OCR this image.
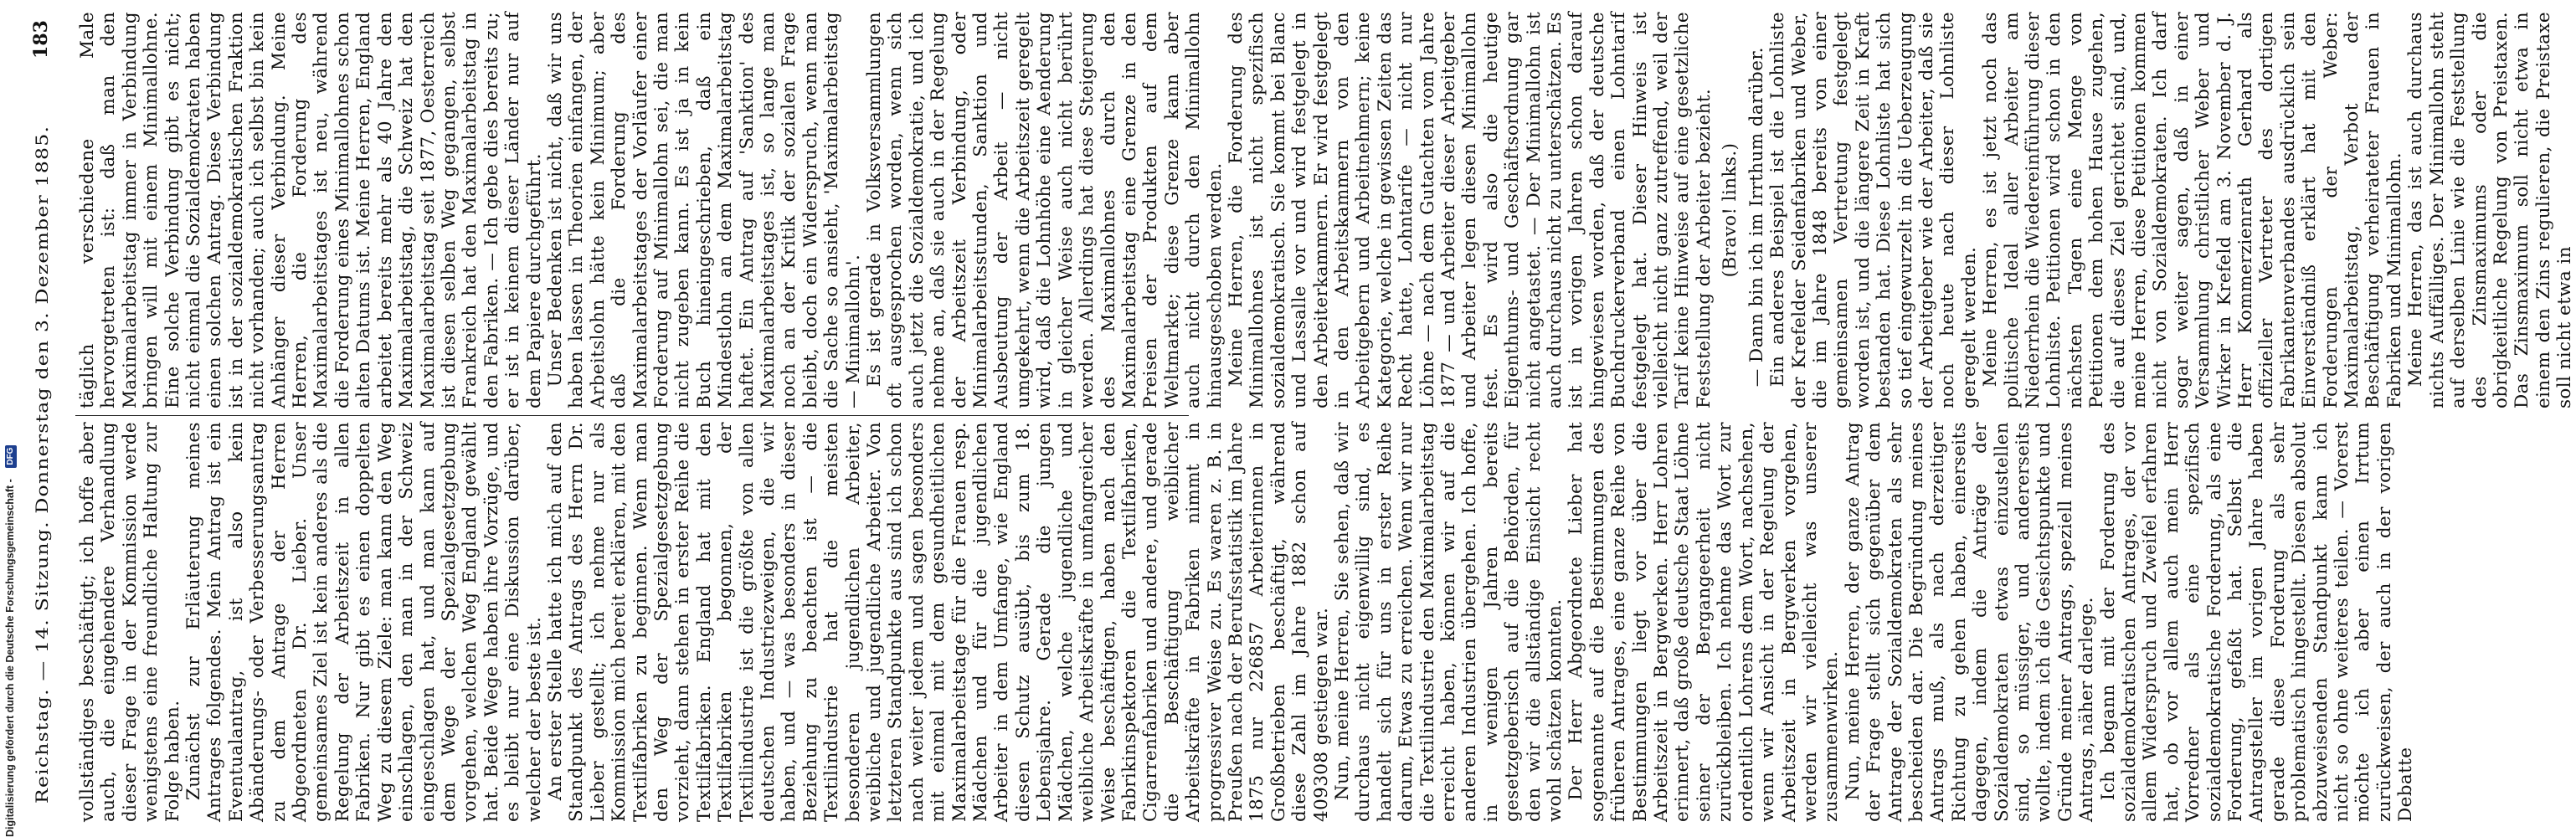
Digitalisierung gefördert durch die Deutsche Forschungsgemeinschaft - DFG Reichstag. — 14. Sitzung. Donnerstag den 3. Dezember 1885.
183

vollständiges beschäftigt; ich hoffe aber auch, die eingehendere Verhandlung dieser Frage in der Kommission werde wenigstens eine freundliche Haltung zur Folge haben. Zunächst zur Erläuterung meines Antrages folgendes. Mein Antrag ist ein Eventualantrag, ist also kein Abänderungs- oder Verbesserungsantrag zu dem Antrage der Herren Abgeordneten Dr. Lieber. Unser gemeinsames Ziel ist kein anderes als die Regelung der Arbeitszeit in allen Fabriken. Nur gibt es einen doppelten Weg zu diesem Ziele: man kann den Weg einschlagen, den man in der Schweiz eingeschlagen hat, und man kann auf dem Wege der Spezialgesetzgebung vorgehen, welchen Weg England gewählt hat. Beide Wege haben ihre Vorzüge, und es bleibt nur eine Diskussion darüber, welcher der beste ist. An erster Stelle hatte ich mich auf den Standpunkt des Antrags des Herrn Dr. Lieber gestellt; ich nehme nur als Kommission mich bereit erklären, mit den Textilfabriken zu beginnen. Wenn man den Weg der Spezialgesetzgebung vorzieht, dann stehen in erster Reihe die Textilfabriken. England hat mit den Textilfabriken begonnen, der Textilindustrie ist die größte von allen deutschen Industriezweigen, die wir haben, und — was besonders in dieser Beziehung zu beachten ist — die Textilindustrie hat die meisten besonderen jugendlichen Arbeiter, weibliche und jugendliche Arbeiter. Von letzteren Standpunkte aus sind ich schon nach weiter jedem und sagen besonders mit einmal mit dem gesundheitlichen Maximalarbeitstage für die Frauen resp. Mädchen und für die jugendlichen Arbeiter in dem Umfange, wie England diesen Schutz ausübt, bis zum 18. Lebensjahre. Gerade die jungen Mädchen, welche jugendliche und weibliche Arbeitskräfte in umfangreicher Weise beschäftigen, haben nach den Fabrikinspektoren die Textilfabriken, Cigarrenfabriken und andere, und gerade die Beschäftigung weiblicher Arbeitskräfte in Fabriken nimmt in progressiver Weise zu. Es waren z. B. in Preußen nach der Berufsstatistik im Jahre 1875 nur 226857 Arbeiterinnen in Großbetrieben beschäftigt, während diese Zahl im Jahre 1882 schon auf 409308 gestiegen war. Nun, meine Herren, Sie sehen, daß wir durchaus nicht eigenwillig sind, es handelt sich für uns in erster Reihe darum, Etwas zu erreichen. Wenn wir nur die Textilindustrie den Maximalarbeitstag erreicht haben, können wir auf die anderen Industrien übergehen. Ich hoffe, in wenigen Jahren bereits gesetzgeberisch auf die Behörden, für den wir die allständige Einsicht recht wohl schätzen konnten. Der Herr Abgeordnete Lieber hat sogenannte auf die Bestimmungen des früheren Antrages, eine ganze Reihe von Bestimmungen liegt vor über die Arbeitszeit in Bergwerken. Herr Lohren erinnert, daß große deutsche Staat Löhne seiner der Bergangeerheit nicht zurückbleiben. Ich nehme das Wort zur ordentlich Lohrens dem Wort, nachsehen, wenn wir Ansicht in der Regelung der Arbeitszeit in Bergwerken vorgehen, werden wir vielleicht was unserer zusammenwirken. Nun, meine Herren, der ganze Antrag der Frage stellt sich gegenüber dem Antrage der Sozialdemokraten als sehr bescheiden dar. Die Begründung meines Antrags muß, als nach derzeitiger Richtung zu gehen haben, einerseits dagegen, indem die Anträge der Sozialdemokraten etwas einzustellen sind, so müssiger, und andererseits wollte, indem ich die Gesichtspunkte und Gründe meiner Antrags, speziell meines Antrags, näher darlege. Ich begann mit der Forderung des sozialdemokratischen Antrages, der vor allem Widerspruch und Zweifel erfahren hat, ob vor allem auch mein Herr Vorredner als eine spezifisch sozialdemokratische Forderung, als eine Forderung, gefaßt hat. Selbst die Antragsteller im vorigen Jahre haben gerade diese Forderung als sehr problematisch hingestellt. Diesen absolut abzuweisenden Standpunkt kann ich nicht so ohne weiteres teilen. — Vorerst möchte ich aber einen Irrtum zurückweisen, der auch in der vorigen Debatte

täglich verschiedene Male hervorgetreten ist: daß man den Maximalarbeitstag immer in Verbindung bringen will mit einem Minimallohne. Eine solche Verbindung gibt es nicht; nicht einmal die Sozialdemokraten haben einen solchen Antrag. Diese Verbindung ist in der sozialdemokratischen Fraktion nicht vorhanden; auch ich selbst bin kein Anhänger dieser Verbindung. Meine Herren, die Forderung des Maximalarbeitstages ist neu, während die Forderung eines Minimallohnes schon alten Datums ist. Meine Herren, England arbeitet bereits mehr als 40 Jahre den Maximalarbeitstag, die Schweiz hat den Maximalarbeitstag seit 1877, Oesterreich ist diesen selben Weg gegangen, selbst Frankreich hat den Maximalarbeitstag in den Fabriken. — Ich gebe dies bereits zu; er ist in keinem dieser Länder nur auf dem Papiere durchgeführt. Unser Bedenken ist nicht, daß wir uns haben lassen in Theorien einfangen, der Arbeitslohn hätte kein Minimum; aber daß die Forderung des Maximalarbeitstages der Vorläufer einer Forderung auf Minimallohn sei, die man nicht zugeben kann. Es ist ja in kein Buch hineingeschrieben, daß ein Mindestlohn an dem Maximalarbeitstag haftet. Ein Antrag auf 'Sanktion' des Maximalarbeitstages ist, so lange man noch an der Kritik der sozialen Frage bleibt, doch ein Widerspruch, wenn man die Sache so ansieht, 'Maximalarbeitstag — Minimallohn'. Es ist gerade in Volksversammlungen oft ausgesprochen worden, wenn sich auch jetzt die Sozialdemokratie, und ich nehme an, daß sie auch in der Regelung der Arbeitszeit Verbindung, oder Minimalarbeitsstunden, Sanktion und Ausbeutung der Arbeit — nicht umgekehrt, wenn die Arbeitszeit geregelt wird, daß die Lohnhöhe eine Aenderung in gleicher Weise auch nicht berührt werden. Allerdings hat diese Steigerung des Maximallohnes durch den Maximalarbeitstag eine Grenze in den Preisen der Produkten auf dem Weltmarkte; diese Grenze kann aber auch nicht durch den Minimallohn hinausgeschoben werden. Meine Herren, die Forderung des Minimallohnes ist nicht spezifisch sozialdemokratisch. Sie kommt bei Blanc und Lassalle vor und wird festgelegt in den Arbeiterkammern. Er wird festgelegt in den Arbeitskammern von den Arbeitgebern und Arbeitnehmern; keine Kategorie, welche in gewissen Zeiten das Recht hatte, Lohntarife — nicht nur Löhne — nach dem Gutachten vom Jahre 1877 — und Arbeiter dieser Arbeitgeber und Arbeiter legen diesen Minimallohn fest. Es wird also die heutige Eigenthums- und Geschäftsordnung gar nicht angetastet. — Der Minimallohn ist auch durchaus nicht zu unterschätzen. Es ist in vorigen Jahren schon darauf hingewiesen worden, daß der deutsche Buchdruckerverband einen Lohntarif festgelegt hat. Dieser Hinweis ist vielleicht nicht ganz zutreffend, weil der Tarif keine Hinweise auf eine gesetzliche Feststellung der Arbeiter bezieht. (Bravo! links.) — Dann bin ich im Irrthum darüber. Ein anderes Beispiel ist die Lohnliste der Krefelder Seidenfabriken und Weber, die im Jahre 1848 bereits von einer gemeinsamen Vertretung festgelegt worden ist, und die längere Zeit in Kraft bestanden hat. Diese Lohnliste hat sich so tief eingewurzelt in die Ueberzeugung der Arbeitgeber wie der Arbeiter, daß sie noch heute nach dieser Lohnliste geregelt werden. Meine Herren, es ist jetzt noch das politische Ideal aller Arbeiter am Niederrhein die Wiedereinführung dieser Lohnliste. Petitionen wird schon in den nächsten Tagen eine Menge von Petitionen dem hohen Hause zugehen, die auf dieses Ziel gerichtet sind, und, meine Herren, diese Petitionen kommen nicht von Sozialdemokraten. Ich darf sogar weiter sagen, daß in einer Versammlung christlicher Weber und Wirker in Krefeld am 3. November d. J. Herr Kommerzienrath Gerhard als offizieller Vertreter des dortigen Fabrikantenverbandes ausdrücklich sein Einverständniß erklärt hat mit den Forderungen der Weber: Maximalarbeitstag, Verbot der Beschäftigung verheirateter Frauen in Fabriken und Minimallohn. Meine Herren, das ist auch durchaus nichts Auffälliges. Der Minimallohn steht auf derselben Linie wie die Feststellung des Zinsmaximums oder die obrigkeitliche Regelung von Preistaxen. Das Zinsmaximum soll nicht etwa in einem den Zins regulieren, die Preistaxe soll nicht etwa in
